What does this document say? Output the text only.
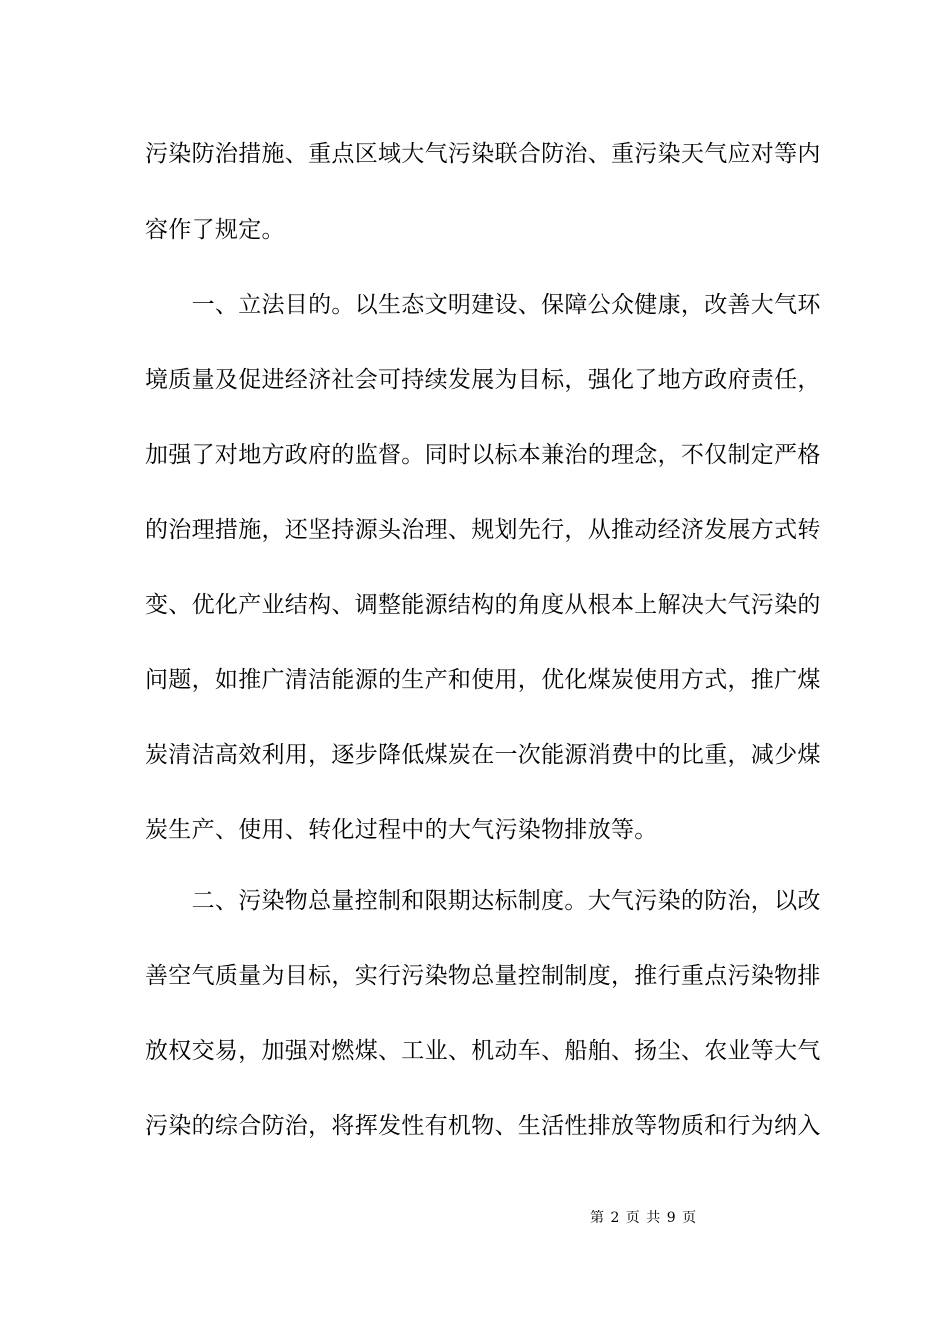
污染防治措施、重点区域大气污染联合防治、重污染天气应对等内
容作了规定。
　　一、立法目的。以生态文明建设、保障公众健康，改善大气环
境质量及促进经济社会可持续发展为目标，强化了地方政府责任，
加强了对地方政府的监督。同时以标本兼治的理念，不仅制定严格
的治理措施，还坚持源头治理、规划先行，从推动经济发展方式转
变、优化产业结构、调整能源结构的角度从根本上解决大气污染的
问题，如推广清洁能源的生产和使用，优化煤炭使用方式，推广煤
炭清洁高效利用，逐步降低煤炭在一次能源消费中的比重，减少煤
炭生产、使用、转化过程中的大气污染物排放等。
　　二、污染物总量控制和限期达标制度。大气污染的防治，以改
善空气质量为目标，实行污染物总量控制制度，推行重点污染物排
放权交易，加强对燃煤、工业、机动车、船舶、扬尘、农业等大气
污染的综合防治，将挥发性有机物、生活性排放等物质和行为纳入
第 2 页 共 9 页
